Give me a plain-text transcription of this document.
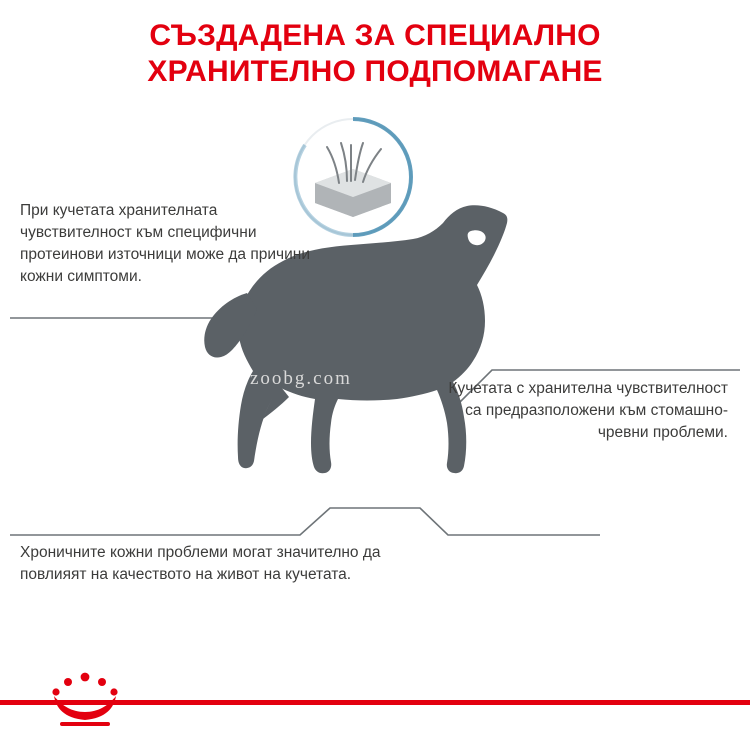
СЪЗДАДЕНА ЗА СПЕЦИАЛНО
ХРАНИТЕЛНО ПОДПОМАГАНЕ
zoobg.com
При кучетата хранителната чувствителност към специфични протеинови източници може да причини кожни симптоми.
Кучетата с хранителна чувствителност са предразположени към стомашно-чревни проблеми.
Хроничните кожни проблеми могат значително да повлияят на качеството на живот на кучетата.
